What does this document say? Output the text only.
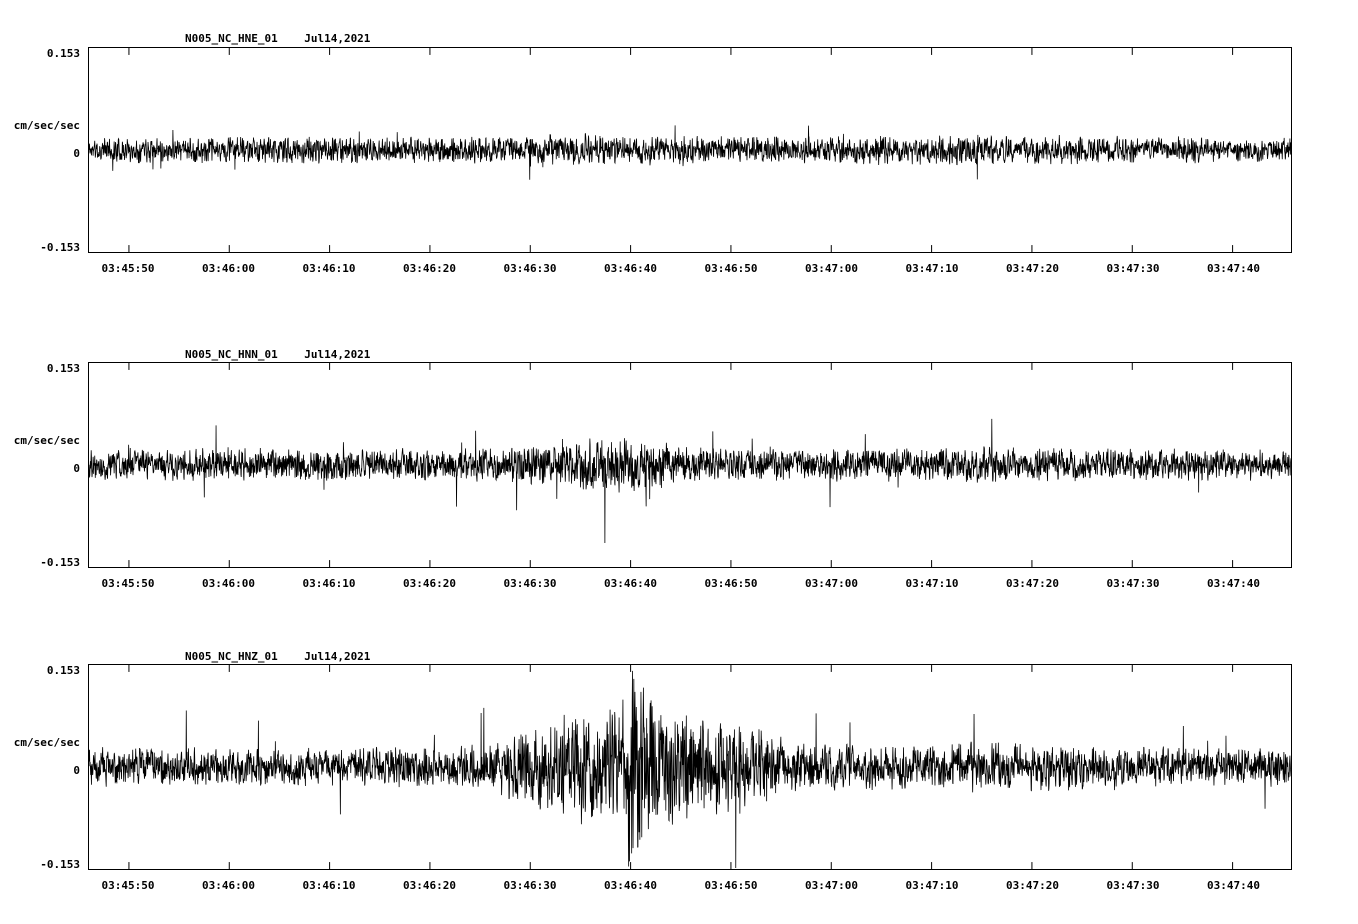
N005_NC_HNE_01    Jul14,2021
0.153
cm/sec/sec
0
-0.153
03:45:50	03:46:00	03:46:10	03:46:20	03:46:30	03:46:40	03:46:50	03:47:00	03:47:10	03:47:20	03:47:30	03:47:40
N005_NC_HNN_01    Jul14,2021
0.153
cm/sec/sec
0
-0.153
03:45:50	03:46:00	03:46:10	03:46:20	03:46:30	03:46:40	03:46:50	03:47:00	03:47:10	03:47:20	03:47:30	03:47:40
N005_NC_HNZ_01    Jul14,2021
0.153
cm/sec/sec
0
-0.153
03:45:50	03:46:00	03:46:10	03:46:20	03:46:30	03:46:40	03:46:50	03:47:00	03:47:10	03:47:20	03:47:30	03:47:40
